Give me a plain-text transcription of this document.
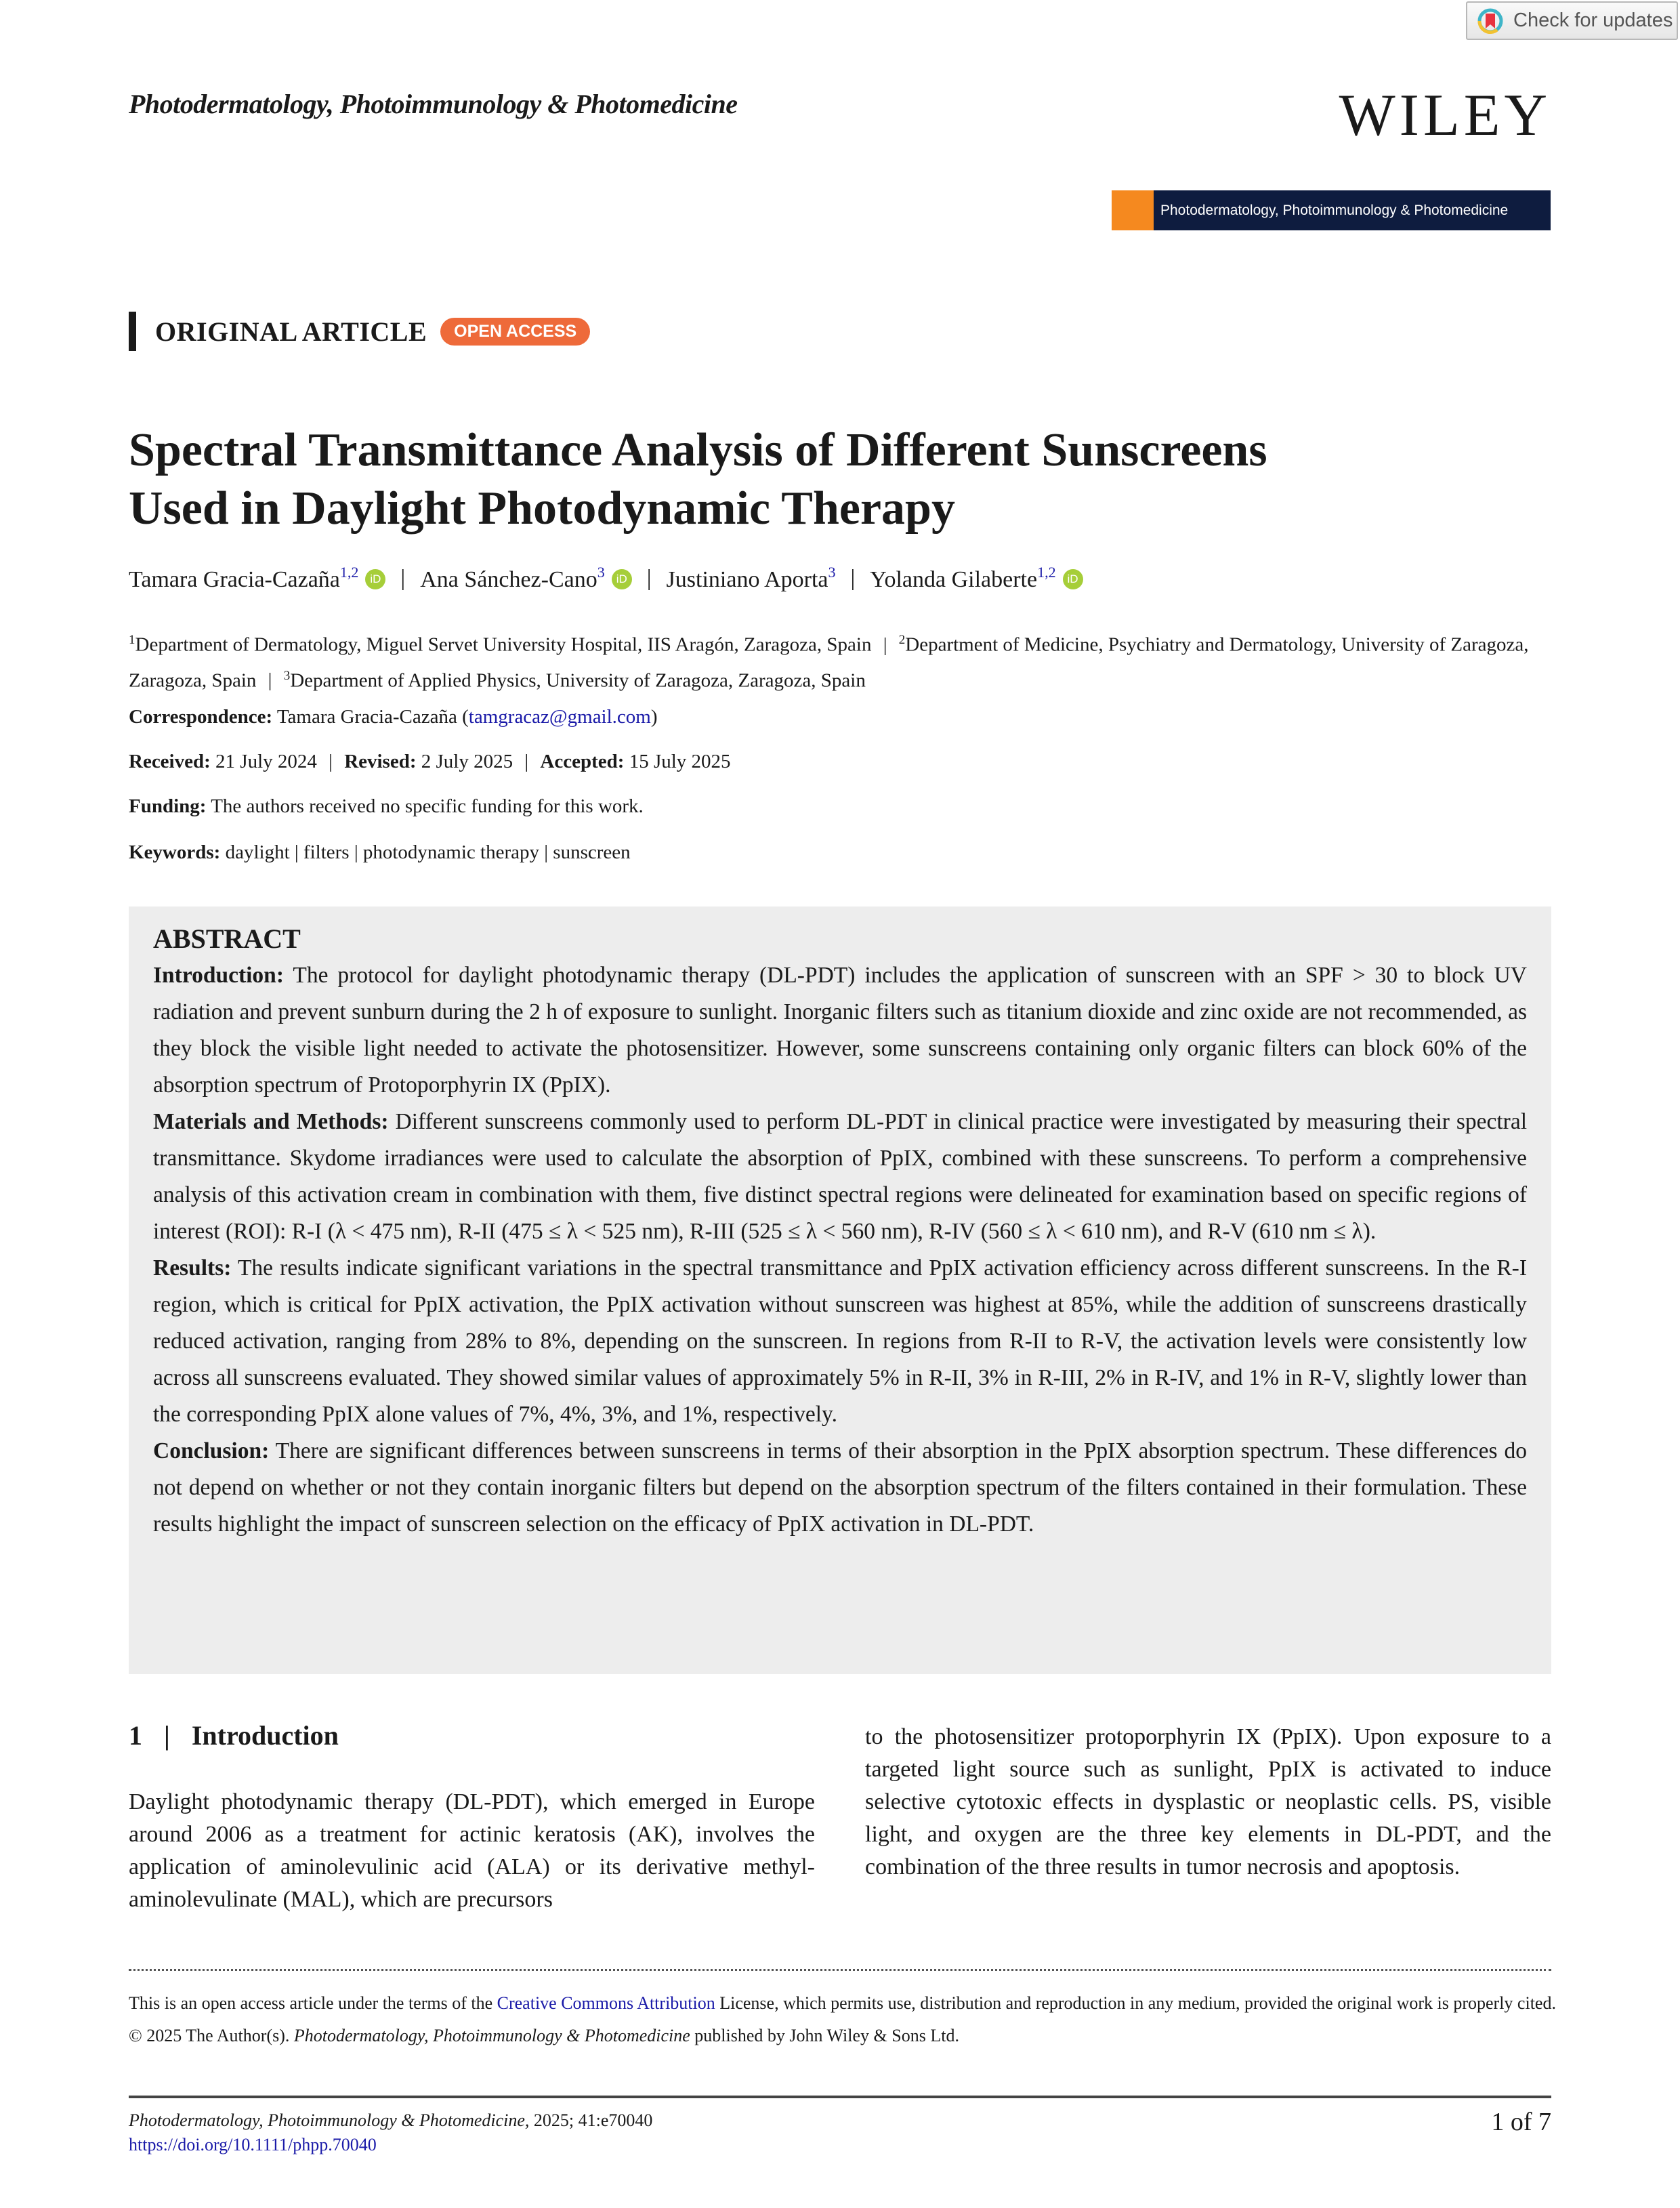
Check for updates
Photodermatology, Photoimmunology & Photomedicine	WILEY
Photodermatology, Photoimmunology & Photomedicine
ORIGINAL ARTICLE	OPEN ACCESS
Spectral Transmittance Analysis of Different Sunscreens
Used in Daylight Photodynamic Therapy
Tamara Gracia-Cazaña$^{1,2}$ iD | Ana Sánchez-Cano$^3$ iD | Justiniano Aporta$^3$ | Yolanda Gilaberte$^{1,2}$ iD
$^1$Department of Dermatology, Miguel Servet University Hospital, IIS Aragón, Zaragoza, Spain | $^2$Department of Medicine, Psychiatry and Dermatology, University of Zaragoza, Zaragoza, Spain | $^3$Department of Applied Physics, University of Zaragoza, Zaragoza, Spain
Correspondence: Tamara Gracia-Cazaña (tamgracaz@gmail.com)
Received: 21 July 2024 | Revised: 2 July 2025 | Accepted: 15 July 2025
Funding: The authors received no specific funding for this work.
Keywords: daylight | filters | photodynamic therapy | sunscreen
ABSTRACT

Introduction: The protocol for daylight photodynamic therapy (DL-PDT) includes the application of sunscreen with an SPF > 30 to block UV radiation and prevent sunburn during the 2 h of exposure to sunlight. Inorganic filters such as titanium dioxide and zinc oxide are not recommended, as they block the visible light needed to activate the photosensitizer. However, some sunscreens containing only organic filters can block 60% of the absorption spectrum of Protoporphyrin IX (PpIX).

Materials and Methods: Different sunscreens commonly used to perform DL-PDT in clinical practice were investigated by measuring their spectral transmittance. Skydome irradiances were used to calculate the absorption of PpIX, combined with these sunscreens. To perform a comprehensive analysis of this activation cream in combination with them, five distinct spectral regions were delineated for examination based on specific regions of interest (ROI): R-I (λ < 475 nm), R-II (475 ≤ λ < 525 nm), R-III (525 ≤ λ < 560 nm), R-IV (560 ≤ λ < 610 nm), and R-V (610 nm ≤ λ).

Results: The results indicate significant variations in the spectral transmittance and PpIX activation efficiency across different sunscreens. In the R-I region, which is critical for PpIX activation, the PpIX activation without sunscreen was highest at 85%, while the addition of sunscreens drastically reduced activation, ranging from 28% to 8%, depending on the sunscreen. In regions from R-II to R-V, the activation levels were consistently low across all sunscreens evaluated. They showed similar values of approximately 5% in R-II, 3% in R-III, 2% in R-IV, and 1% in R-V, slightly lower than the corresponding PpIX alone values of 7%, 4%, 3%, and 1%, respectively.

Conclusion: There are significant differences between sunscreens in terms of their absorption in the PpIX absorption spectrum. These differences do not depend on whether or not they contain inorganic filters but depend on the absorption spectrum of the filters contained in their formulation. These results highlight the impact of sunscreen selection on the efficacy of PpIX activation in DL-PDT.

1 | Introduction
Daylight photodynamic therapy (DL-PDT), which emerged in Europe around 2006 as a treatment for actinic keratosis (AK), involves the application of aminolevulinic acid (ALA) or its derivative methyl-aminolevulinate (MAL), which are precursors
to the photosensitizer protoporphyrin IX (PpIX). Upon exposure to a targeted light source such as sunlight, PpIX is activated to induce selective cytotoxic effects in dysplastic or neoplastic cells. PS, visible light, and oxygen are the three key elements in DL-PDT, and the combination of the three results in tumor necrosis and apoptosis.
This is an open access article under the terms of the Creative Commons Attribution License, which permits use, distribution and reproduction in any medium, provided the original work is properly cited.
© 2025 The Author(s). Photodermatology, Photoimmunology & Photomedicine published by John Wiley & Sons Ltd.
Photodermatology, Photoimmunology & Photomedicine, 2025; 41:e70040
https://doi.org/10.1111/phpp.70040
1 of 7
